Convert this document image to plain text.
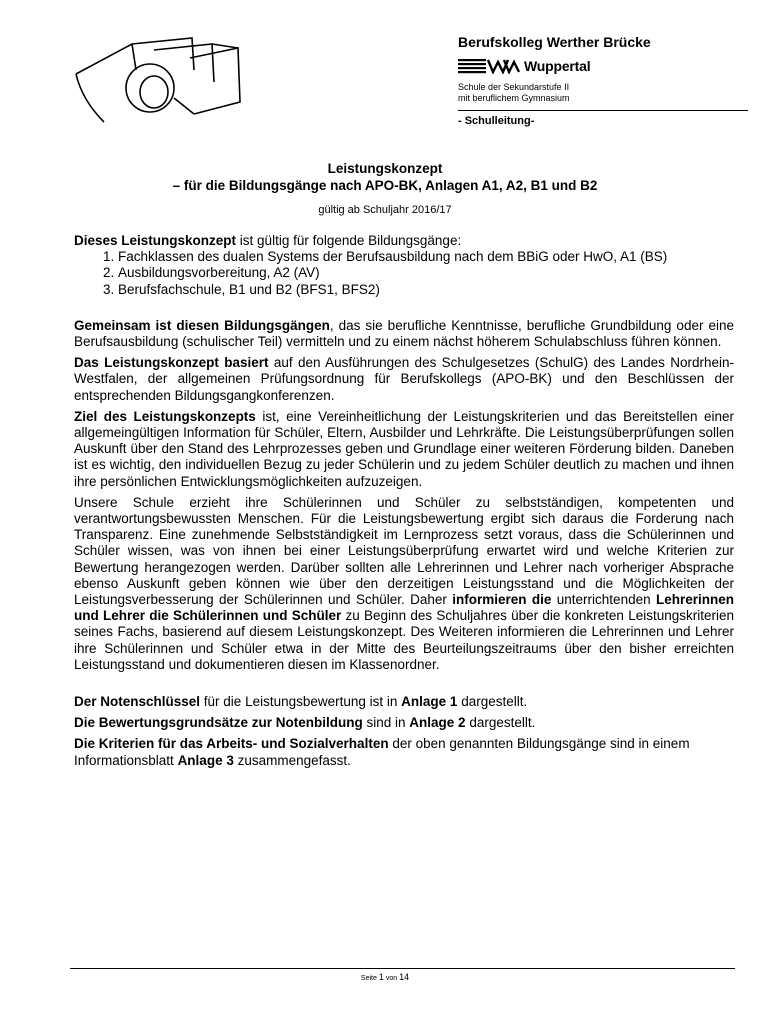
Berufskolleg Werther Brücke

Wuppertal
Schule der Sekundarstufe II
mit beruflichem Gymnasium
- Schulleitung-
Leistungskonzept
– für die Bildungsgänge nach APO-BK, Anlagen A1, A2, B1 und B2
gültig ab Schuljahr 2016/17

Dieses Leistungskonzept ist gültig für folgende Bildungsgänge:

1. Fachklassen des dualen Systems der Berufsausbildung nach dem BBiG oder HwO, A1 (BS)
2. Ausbildungsvorbereitung, A2 (AV)
3. Berufsfachschule, B1 und B2 (BFS1, BFS2)

Gemeinsam ist diesen Bildungsgängen, das sie berufliche Kenntnisse, berufliche Grundbildung oder eine Berufsausbildung (schulischer Teil) vermitteln und zu einem nächst höherem Schulabschluss führen können.

Das Leistungskonzept basiert auf den Ausführungen des Schulgesetzes (SchulG) des Landes Nordrhein-Westfalen, der allgemeinen Prüfungsordnung für Berufskollegs (APO-BK) und den Beschlüssen der entsprechenden Bildungsgangkonferenzen.

Ziel des Leistungskonzepts ist, eine Vereinheitlichung der Leistungskriterien und das Bereitstellen einer allgemeingültigen Information für Schüler, Eltern, Ausbilder und Lehrkräfte. Die Leistungsüberprüfungen sollen Auskunft über den Stand des Lehrprozesses geben und Grundlage einer weiteren Förderung bilden. Daneben ist es wichtig, den individuellen Bezug zu jeder Schülerin und zu jedem Schüler deutlich zu machen und ihnen ihre persönlichen Entwicklungsmöglichkeiten aufzuzeigen.

Unsere Schule erzieht ihre Schülerinnen und Schüler zu selbstständigen, kompetenten und verantwortungsbewussten Menschen. Für die Leistungsbewertung ergibt sich daraus die Forderung nach Transparenz. Eine zunehmende Selbstständigkeit im Lernprozess setzt voraus, dass die Schülerinnen und Schüler wissen, was von ihnen bei einer Leistungsüberprüfung erwartet wird und welche Kriterien zur Bewertung herangezogen werden. Darüber sollten alle Lehrerinnen und Lehrer nach vorheriger Absprache ebenso Auskunft geben können wie über den derzeitigen Leistungsstand und die Möglichkeiten der Leistungsverbesserung der Schülerinnen und Schüler. Daher informieren die unterrichtenden Lehrerinnen und Lehrer die Schülerinnen und Schüler zu Beginn des Schuljahres über die konkreten Leistungskriterien seines Fachs, basierend auf diesem Leistungskonzept. Des Weiteren informieren die Lehrerinnen und Lehrer ihre Schülerinnen und Schüler etwa in der Mitte des Beurteilungszeitraums über den bisher erreichten Leistungsstand und dokumentieren diesen im Klassenordner.

Der Notenschlüssel für die Leistungsbewertung ist in Anlage 1 dargestellt.

Die Bewertungsgrundsätze zur Notenbildung sind in Anlage 2 dargestellt.

Die Kriterien für das Arbeits- und Sozialverhalten der oben genannten Bildungsgänge sind in einem Informationsblatt Anlage 3 zusammengefasst.

Seite 1 von 14
